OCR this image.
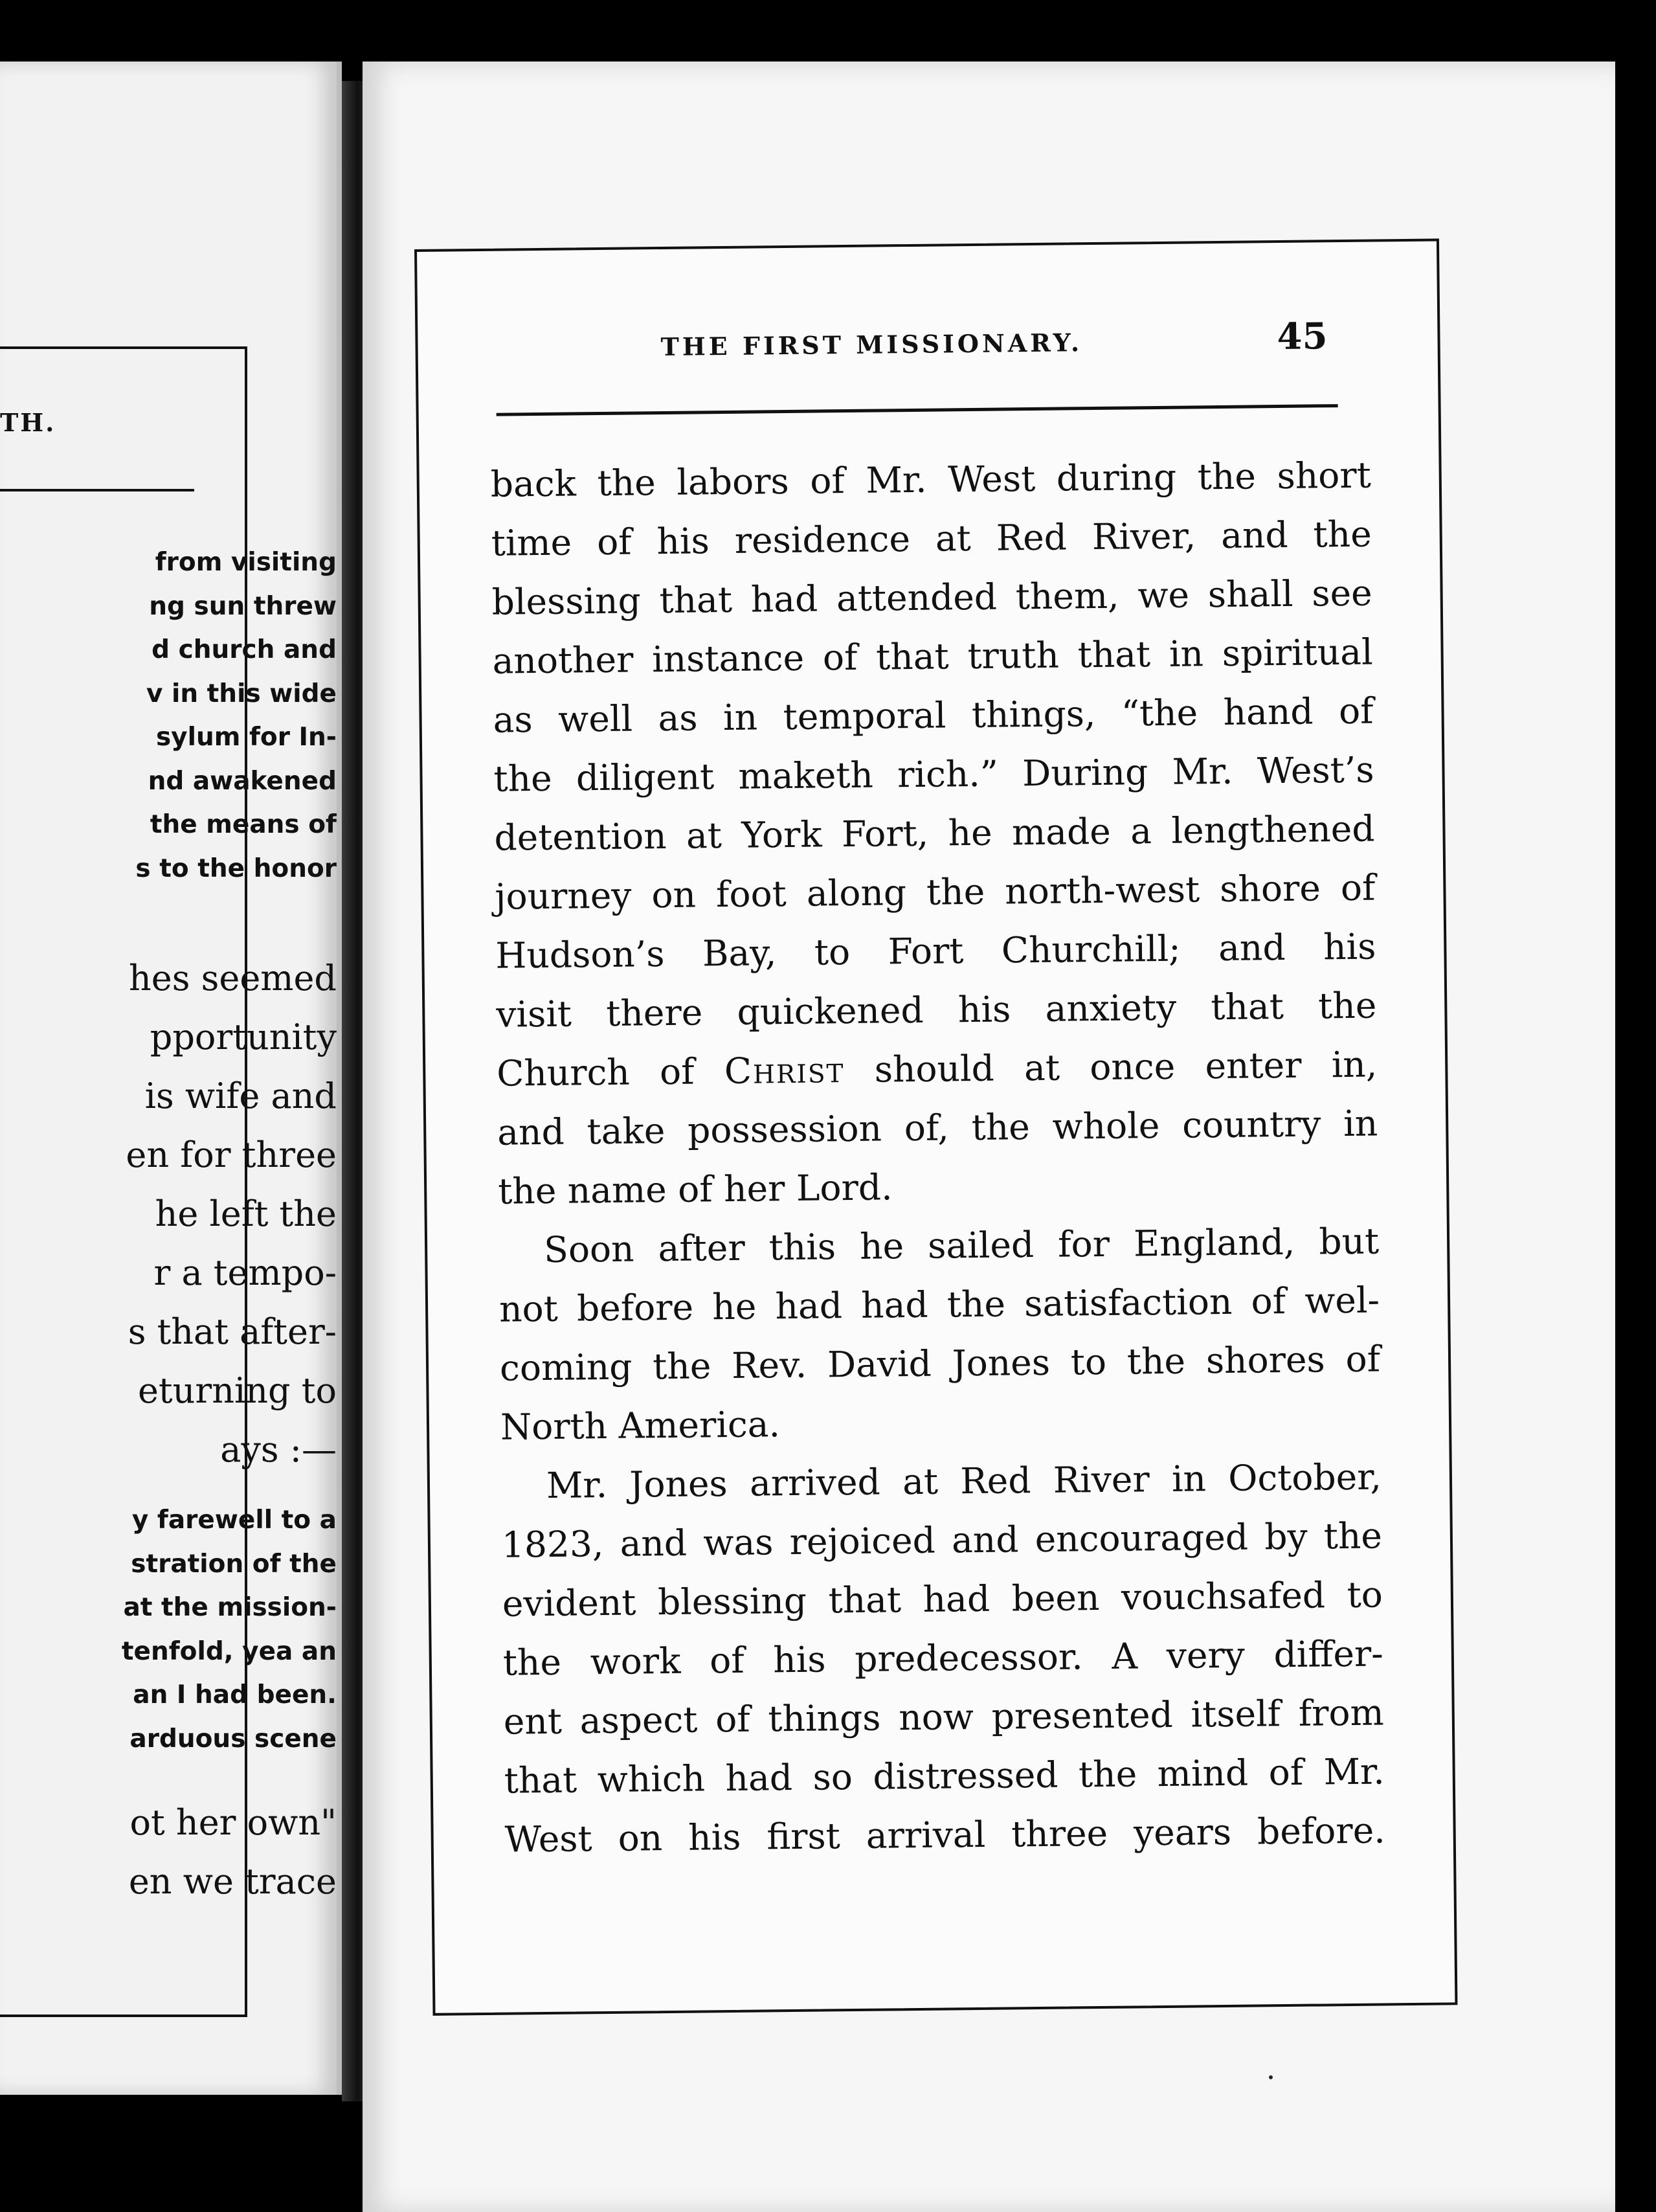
TH.
from visiting
ng sun threw
d church and
v in this wide
sylum for In-
nd awakened
the means of
s to the honor
hes seemed
pportunity
is wife and
en for three
he left the
r a tempo-
s that after-
eturning to
ays :—
y farewell to a
stration of the
at the mission-
tenfold, yea an
an I had been.
arduous scene
ot her own"
en we trace
THE FIRST MISSIONARY.	45
back the labors of Mr. West during the short
time of his residence at Red River, and the
blessing that had attended them, we shall see
another instance of that truth that in spiritual
as well as in temporal things, “the hand of
the diligent maketh rich.” During Mr. West’s
detention at York Fort, he made a lengthened
journey on foot along the north-west shore of
Hudson’s Bay, to Fort Churchill; and his
visit there quickened his anxiety that the
Church of Christ should at once enter in,
and take possession of, the whole country in
the name of her Lord.
Soon after this he sailed for England, but
not before he had had the satisfaction of wel-
coming the Rev. David Jones to the shores of
North America.
Mr. Jones arrived at Red River in October,
1823, and was rejoiced and encouraged by the
evident blessing that had been vouchsafed to
the work of his predecessor. A very differ-
ent aspect of things now presented itself from
that which had so distressed the mind of Mr.
West on his first arrival three years before.
